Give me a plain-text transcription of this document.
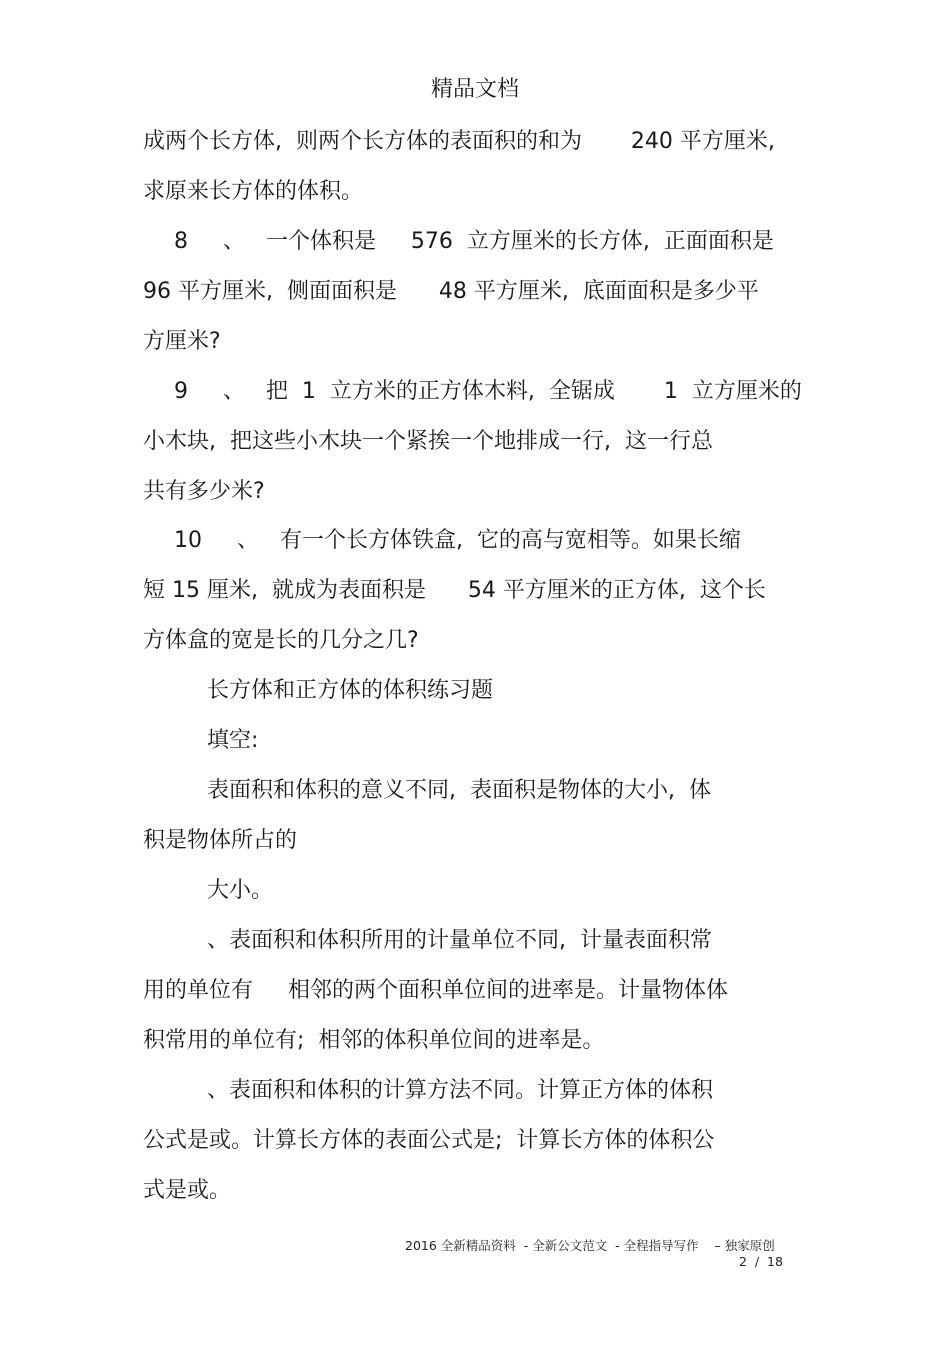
精品文档
成两个长方体,  则两个长方体的表面积的和为       240 平方厘米,
求原来长方体的体积。
8     、   一个体积是     576  立方厘米的长方体,  正面面积是
96 平方厘米,  侧面面积是      48 平方厘米,  底面面积是多少平
方厘米?
9     、   把  1  立方米的正方体木料,  全锯成       1  立方厘米的
小木块,  把这些小木块一个紧挨一个地排成一行,  这一行总
共有多少米?
10     、   有一个长方体铁盒,  它的高与宽相等。如果长缩
短 15 厘米,  就成为表面积是      54 平方厘米的正方体,  这个长
方体盒的宽是长的几分之几?
长方体和正方体的体积练习题
填空:
表面积和体积的意义不同,  表面积是物体的大小,  体
积是物体所占的
大小。
、表面积和体积所用的计量单位不同,  计量表面积常
用的单位有     相邻的两个面积单位间的进率是。计量物体体
积常用的单位有;  相邻的体积单位间的进率是。
、表面积和体积的计算方法不同。计算正方体的体积
公式是或。计算长方体的表面公式是;  计算长方体的体积公
式是或。
2016 全新精品资料  - 全新公文范文  - 全程指导写作    – 独家原创
2  /  18
